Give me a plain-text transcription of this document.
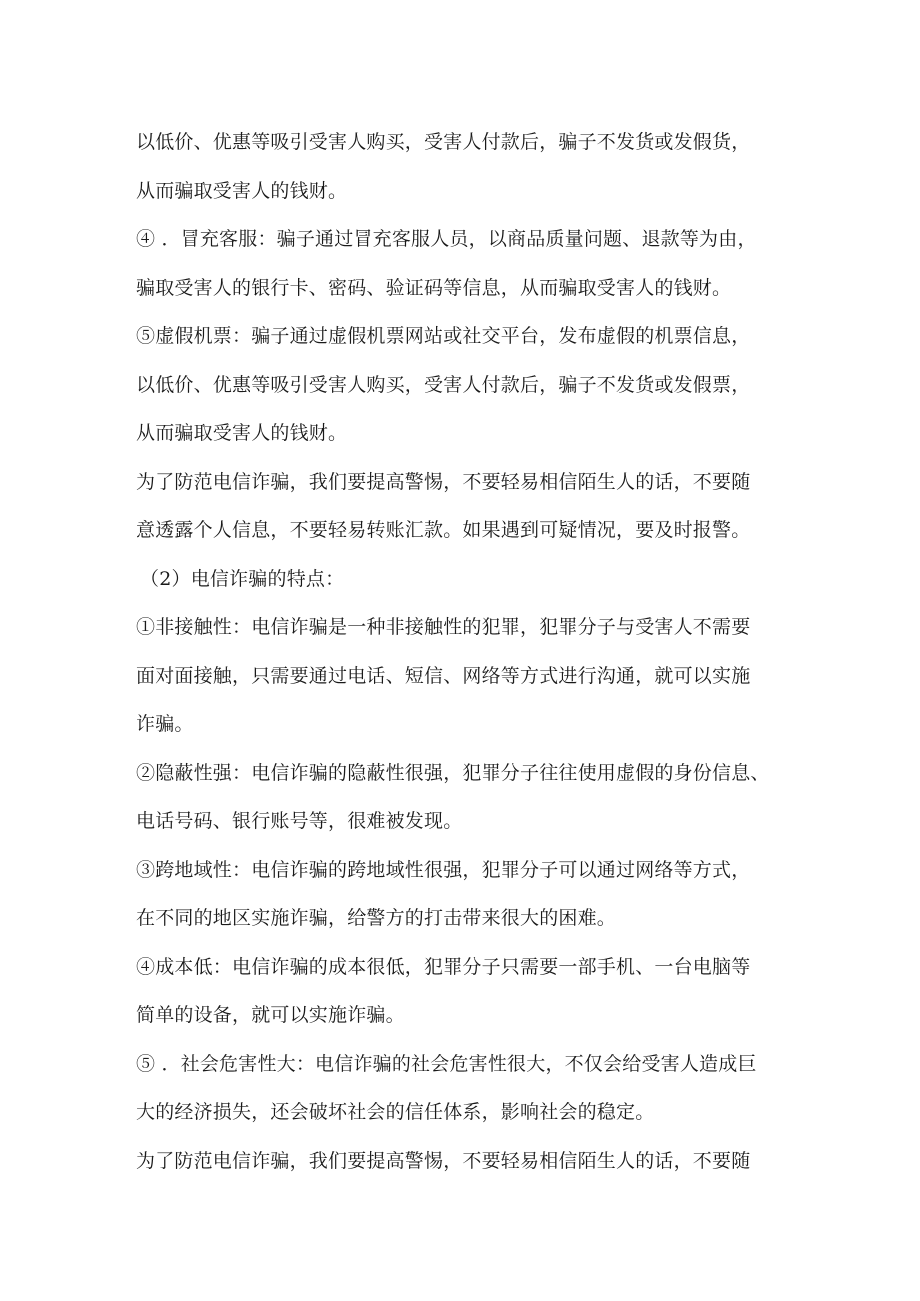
以低价、优惠等吸引受害人购买，受害人付款后，骗子不发货或发假货，
从而骗取受害人的钱财。
④ ．冒充客服：骗子通过冒充客服人员，以商品质量问题、退款等为由，
骗取受害人的银行卡、密码、验证码等信息，从而骗取受害人的钱财。
⑤虚假机票：骗子通过虚假机票网站或社交平台，发布虚假的机票信息，
以低价、优惠等吸引受害人购买，受害人付款后，骗子不发货或发假票，
从而骗取受害人的钱财。
为了防范电信诈骗，我们要提高警惕，不要轻易相信陌生人的话，不要随
意透露个人信息，不要轻易转账汇款。如果遇到可疑情况，要及时报警。
（2）电信诈骗的特点：
①非接触性：电信诈骗是一种非接触性的犯罪，犯罪分子与受害人不需要
面对面接触，只需要通过电话、短信、网络等方式进行沟通，就可以实施
诈骗。
②隐蔽性强：电信诈骗的隐蔽性很强，犯罪分子往往使用虚假的身份信息、
电话号码、银行账号等，很难被发现。
③跨地域性：电信诈骗的跨地域性很强，犯罪分子可以通过网络等方式，
在不同的地区实施诈骗，给警方的打击带来很大的困难。
④成本低：电信诈骗的成本很低，犯罪分子只需要一部手机、一台电脑等
简单的设备，就可以实施诈骗。
⑤ ．社会危害性大：电信诈骗的社会危害性很大，不仅会给受害人造成巨
大的经济损失，还会破坏社会的信任体系，影响社会的稳定。
为了防范电信诈骗，我们要提高警惕，不要轻易相信陌生人的话，不要随
